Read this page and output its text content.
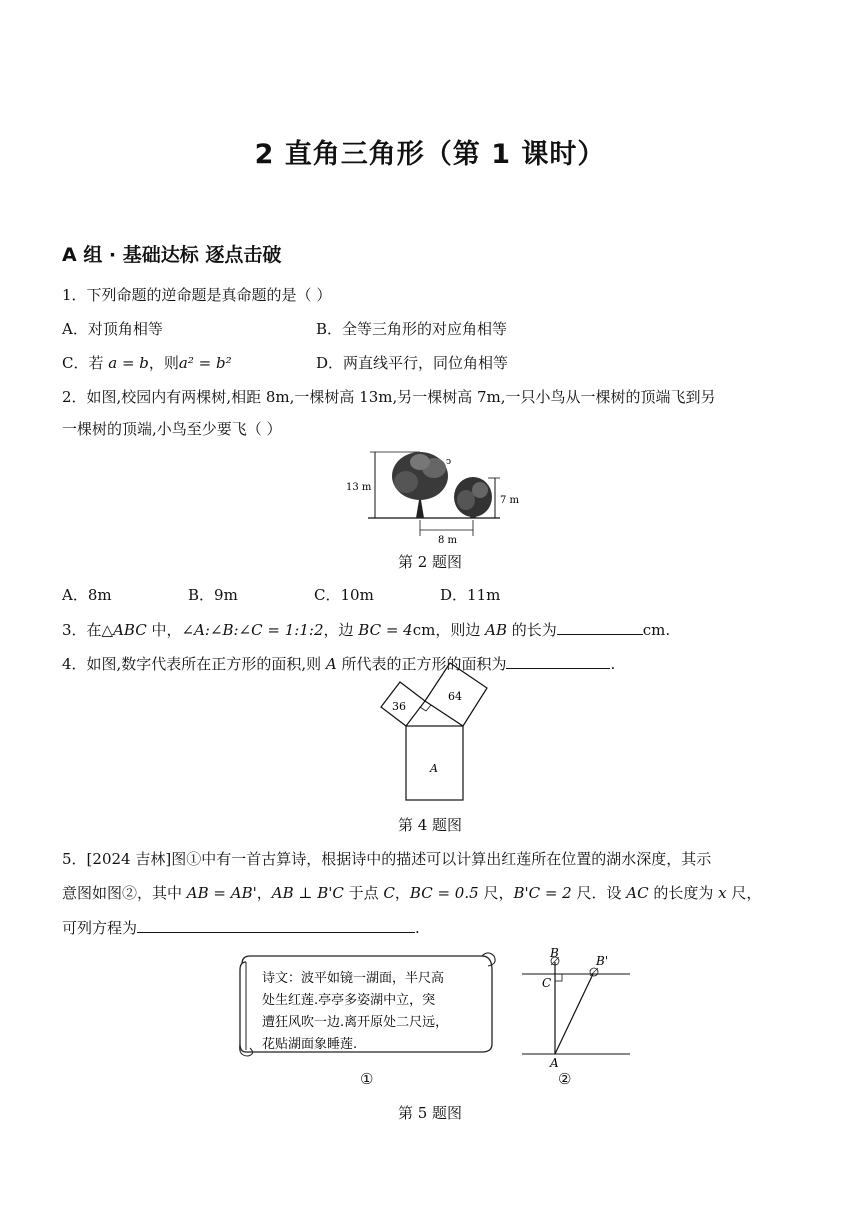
2 直角三角形（第 1 课时）
A 组 · 基础达标 逐点击破
1．下列命题的逆命题是真命题的是（ ）
A．对顶角相等	B．全等三角形的对应角相等
C．若 a = b，则a² = b²	D．两直线平行，同位角相等
2．如图,校园内有两棵树,相距 8m,一棵树高 13m,另一棵树高 7m,一只小鸟从一棵树的顶端飞到另
一棵树的顶端,小鸟至少要飞（ ）
13 m
ↄ
7 m
8 m
第 2 题图
A．8m	B．9m	C．10m	D．11m
3．在△ABC 中，∠A:∠B:∠C = 1:1:2，边 BC = 4cm，则边 AB 的长为	cm.
4．如图,数字代表所在正方形的面积,则 A 所代表的正方形的面积为	.
36
64
A
第 4 题图
5．[2024 吉林]图①中有一首古算诗，根据诗中的描述可以计算出红莲所在位置的湖水深度，其示
意图如图②，其中 AB = AB'，AB ⊥ B'C 于点 C，BC = 0.5 尺，B'C = 2 尺．设 AC 的长度为 x 尺，
可列方程为	.
诗文：波平如镜一湖面，半尺高
处生红莲.亭亭多姿湖中立，突
遭狂风吹一边.离开原处二尺远，
花贴湖面象睡莲.
①
B
B'
C
A
②
第 5 题图
